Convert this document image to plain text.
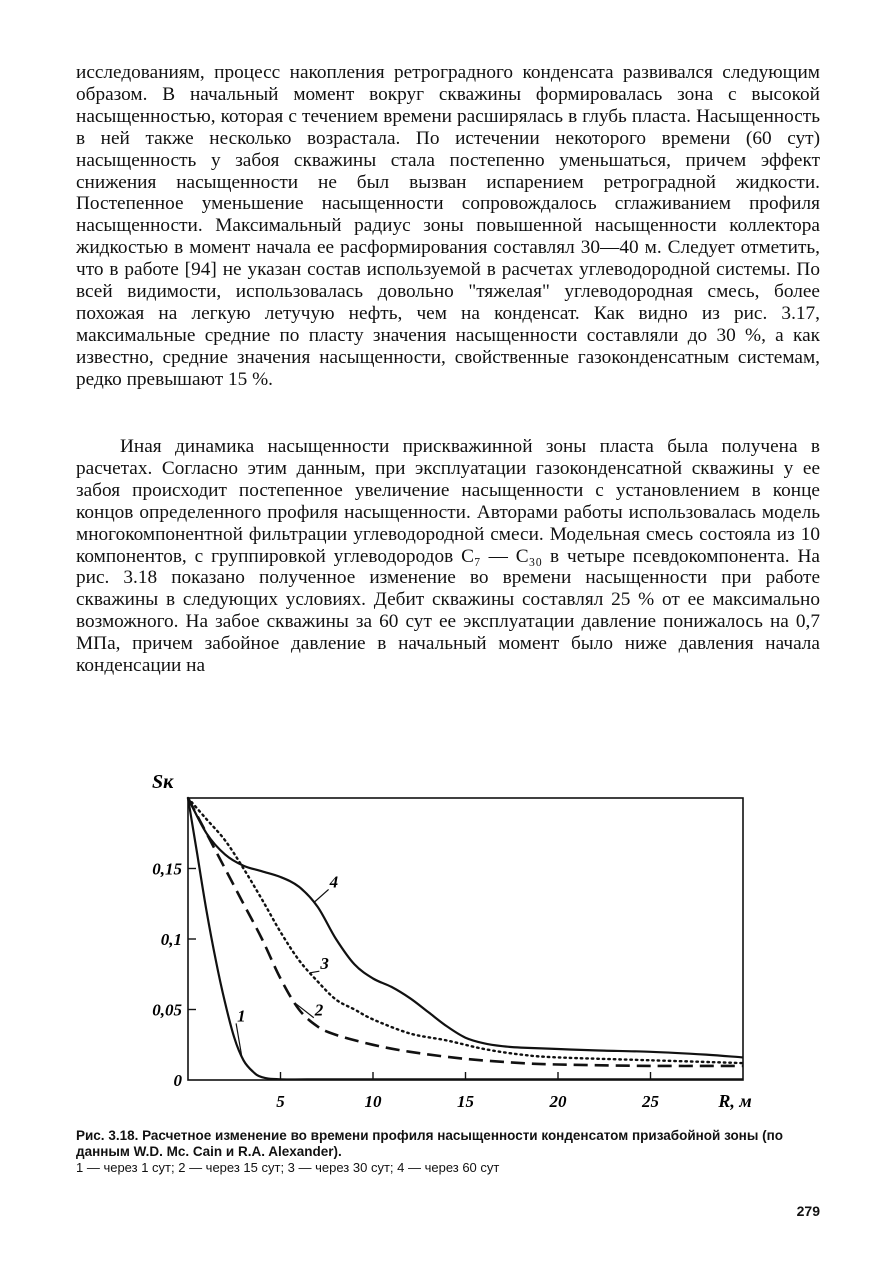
исследованиям, процесс накопления ретроградного конденсата развивался следующим образом. В начальный момент вокруг скважины формировалась зона с высокой насыщенностью, которая с течением времени расширялась в глубь пласта. Насыщенность в ней также несколько возрастала. По истечении некоторого времени (60 сут) насыщенность у забоя скважины стала постепенно уменьшаться, причем эффект снижения насыщенности не был вызван испарением ретроградной жидкости. Постепенное уменьшение насыщенности сопровождалось сглаживанием профиля насыщенности. Максимальный радиус зоны повышенной насыщенности коллектора жидкостью в момент начала ее расформирования составлял 30—40 м. Следует отметить, что в работе [94] не указан состав используемой в расчетах углеводородной системы. По всей видимости, использовалась довольно "тяжелая" углеводородная смесь, более похожая на легкую летучую нефть, чем на конденсат. Как видно из рис. 3.17, максимальные средние по пласту значения насыщенности составляли до 30 %, а как известно, средние значения насыщенности, свойственные газоконденсатным системам, редко превышают 15 %.

Иная динамика насыщенности прискважинной зоны пласта была получена в расчетах. Согласно этим данным, при эксплуатации газоконденсатной скважины у ее забоя происходит постепенное увеличение насыщенности с установлением в конце концов определенного профиля насыщенности. Авторами работы использовалась модель многокомпонентной фильтрации углеводородной смеси. Модельная смесь состояла из 10 компонентов, с группировкой углеводородов C₇ — C₃₀ в четыре псевдокомпонента. На рис. 3.18 показано полученное изменение во времени насыщенности при работе скважины в следующих условиях. Дебит скважины составлял 25 % от ее максимально возможного. На забое скважины за 60 сут ее эксплуатации давление понижалось на 0,7 МПа, причем забойное давление в начальный момент было ниже давления начала конденсации на

5	10	15	20	25	R, м
0
0,05
0,1
0,15
Sк
1	2
3
4
Рис. 3.18. Расчетное изменение во времени профиля насыщенности конденсатом призабойной зоны (по данным W.D. Mc. Cain и R.A. Alexander).
1 — через 1 сут; 2 — через 15 сут; 3 — через 30 сут; 4 — через 60 сут
279
